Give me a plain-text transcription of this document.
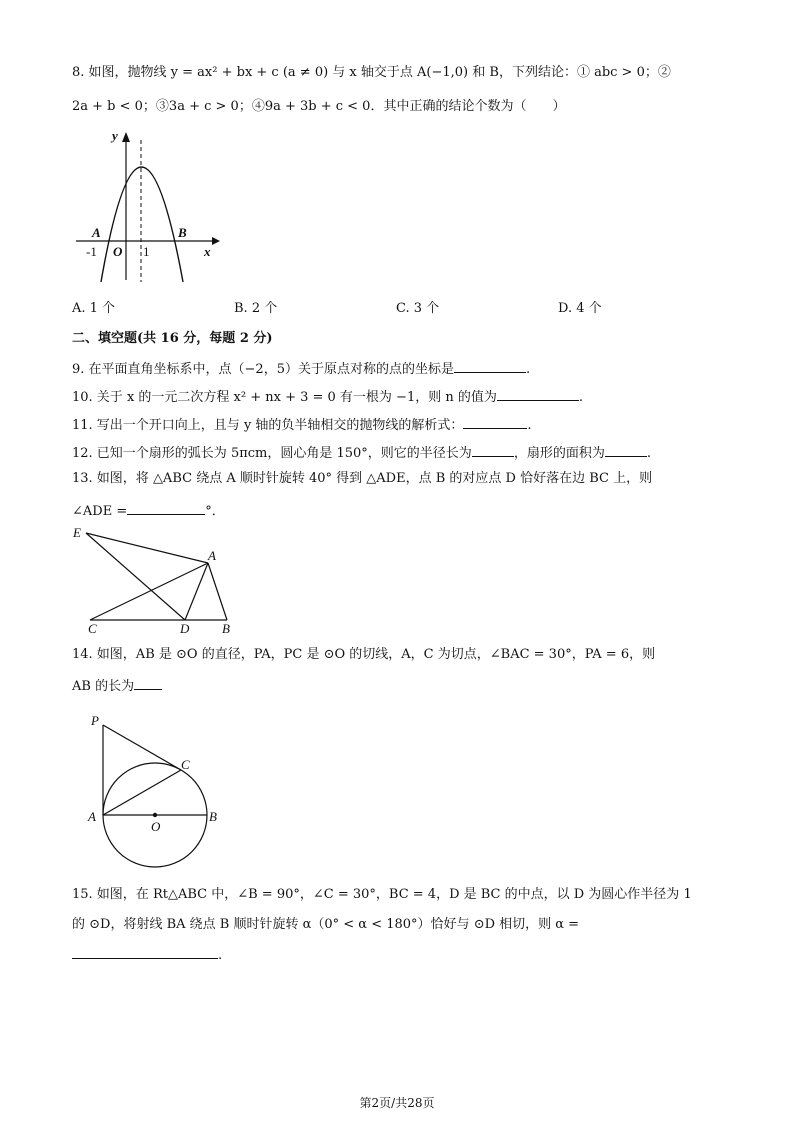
8. 如图，抛物线 y = ax² + bx + c (a ≠ 0) 与 x 轴交于点 A(−1,0) 和 B，下列结论：① abc > 0；②
2a + b < 0；③3a + c > 0；④9a + 3b + c < 0．其中正确的结论个数为（　　）
y
x
A	B
-1 O 1
A. 1 个	B. 2 个	C. 3 个	D. 4 个
二、填空题(共 16 分，每题 2 分)
9. 在平面直角坐标系中，点（−2，5）关于原点对称的点的坐标是	.
10. 关于 x 的一元二次方程 x² + nx + 3 = 0 有一根为 −1，则 n 的值为	.
11. 写出一个开口向上，且与 y 轴的负半轴相交的抛物线的解析式：	.
12. 已知一个扇形的弧长为 5πcm，圆心角是 150°，则它的半径长为	，扇形的面积为	.
13. 如图，将 △ABC 绕点 A 顺时针旋转 40° 得到 △ADE，点 B 的对应点 D 恰好落在边 BC 上，则
∠ADE =	°．
E
A
C	D	B
14. 如图，AB 是 ⊙O 的直径，PA，PC 是 ⊙O 的切线，A，C 为切点，∠BAC = 30°，PA = 6，则
AB 的长为
P
C
A
O
B
15. 如图，在 Rt△ABC 中，∠B = 90°，∠C = 30°，BC = 4，D 是 BC 的中点，以 D 为圆心作半径为 1
的 ⊙D，将射线 BA 绕点 B 顺时针旋转 α（0° < α < 180°）恰好与 ⊙D 相切，则 α =
.
第2页/共28页
